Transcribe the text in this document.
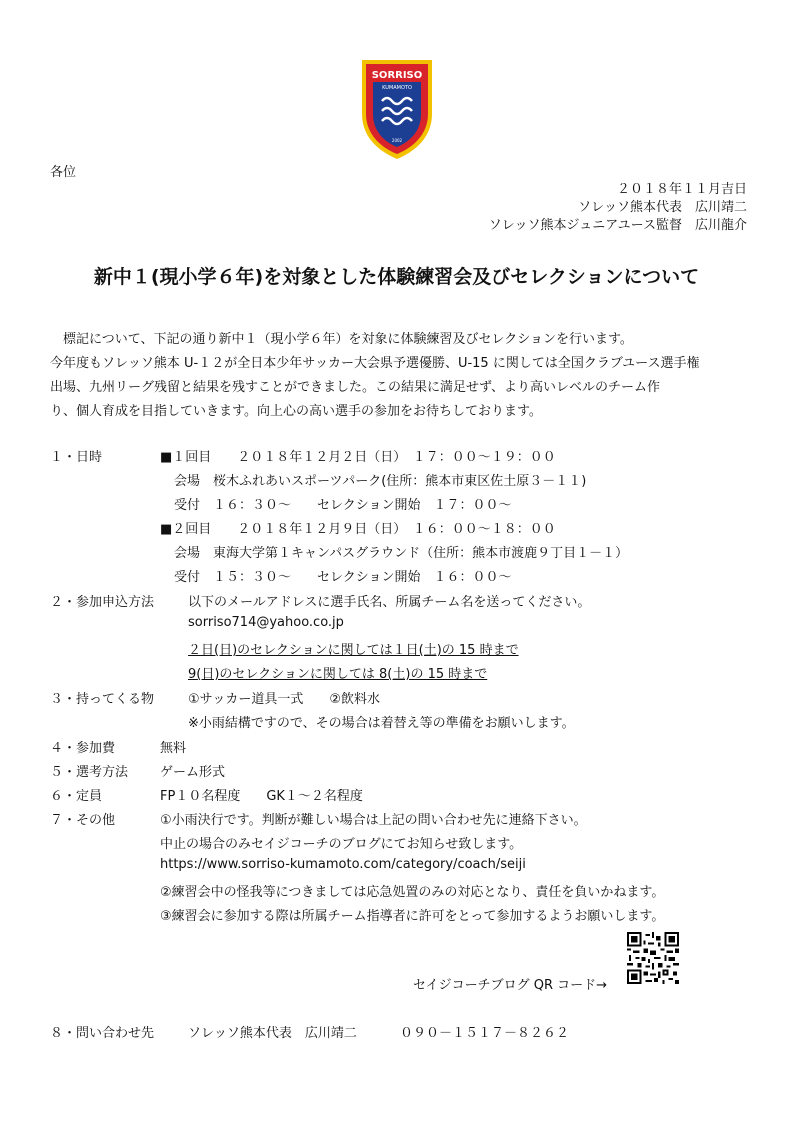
SORRISO
KUMAMOTO
2002
各位
２０１８年１１月吉日
ソレッソ熊本代表　広川靖二
ソレッソ熊本ジュニアユース監督　広川龍介
新中１(現小学６年)を対象とした体験練習会及びセレクションについて
　標記について、下記の通り新中１（現小学６年）を対象に体験練習及びセレクションを行います。
今年度もソレッソ熊本 U-１２が全日本少年サッカー大会県予選優勝、U-15 に関しては全国クラブユース選手権
出場、九州リーグ残留と結果を残すことができました。この結果に満足せず、より高いレベルのチーム作
り、個人育成を目指していきます。向上心の高い選手の参加をお待ちしております。
１・日時	■１回目　　２０１８年１２月２日（日）　１７：００～１９：００
会場　桜木ふれあいスポーツパーク(住所：熊本市東区佐土原３－１１)
受付　１６：３０～　　セレクション開始　１７：００～
■２回目　　２０１８年１２月９日（日）　１６：００～１８：００
会場　東海大学第１キャンパスグラウンド（住所：熊本市渡鹿９丁目１－１）
受付　１５：３０～　　セレクション開始　１６：００～
２・参加申込方法	以下のメールアドレスに選手氏名、所属チーム名を送ってください。
sorriso714@yahoo.co.jp
２日(日)のセレクションに関しては１日(土)の 15 時まで
9(日)のセレクションに関しては 8(土)の 15 時まで
３・持ってくる物	①サッカー道具一式　　②飲料水
※小雨結構ですので、その場合は着替え等の準備をお願いします。
４・参加費	無料
５・選考方法 ゲーム形式
６・定員	FP１０名程度　　GK１～２名程度
７・その他	①小雨決行です。判断が難しい場合は上記の問い合わせ先に連絡下さい。
中止の場合のみセイジコーチのブログにてお知らせ致します。
https://www.sorriso-kumamoto.com/category/coach/seiji
②練習会中の怪我等につきましては応急処置のみの対応となり、責任を負いかねます。
③練習会に参加する際は所属チーム指導者に許可をとって参加するようお願いします。
セイジコーチブログ QR コード→
８・問い合わせ先	ソレッソ熊本代表　広川靖二	０９０－１５１７－８２６２
